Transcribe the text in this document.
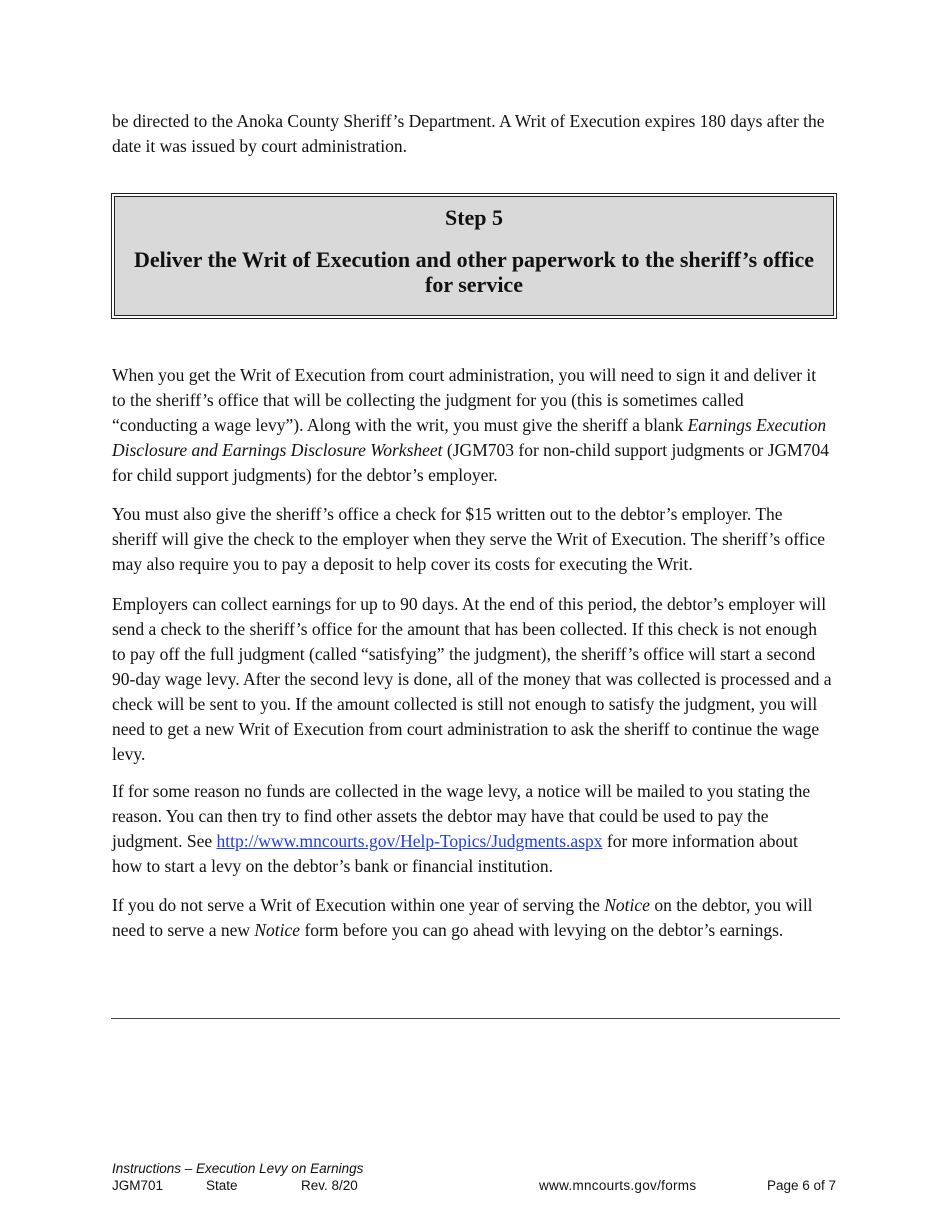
be directed to the Anoka County Sheriff’s Department. A Writ of Execution expires 180 days after the date it was issued by court administration.

Step 5
Deliver the Writ of Execution and other paperwork to the sheriff’s office for service

When you get the Writ of Execution from court administration, you will need to sign it and deliver it to the sheriff’s office that will be collecting the judgment for you (this is sometimes called “conducting a wage levy”). Along with the writ, you must give the sheriff a blank Earnings Execution Disclosure and Earnings Disclosure Worksheet (JGM703 for non-child support judgments or JGM704 for child support judgments) for the debtor’s employer.

You must also give the sheriff’s office a check for $15 written out to the debtor’s employer. The sheriff will give the check to the employer when they serve the Writ of Execution. The sheriff’s office may also require you to pay a deposit to help cover its costs for executing the Writ.

Employers can collect earnings for up to 90 days. At the end of this period, the debtor’s employer will send a check to the sheriff’s office for the amount that has been collected. If this check is not enough to pay off the full judgment (called “satisfying” the judgment), the sheriff’s office will start a second 90-day wage levy. After the second levy is done, all of the money that was collected is processed and a check will be sent to you. If the amount collected is still not enough to satisfy the judgment, you will need to get a new Writ of Execution from court administration to ask the sheriff to continue the wage levy.

If for some reason no funds are collected in the wage levy, a notice will be mailed to you stating the reason. You can then try to find other assets the debtor may have that could be used to pay the judgment. See http://www.mncourts.gov/Help-Topics/Judgments.aspx for more information about how to start a levy on the debtor’s bank or financial institution.

If you do not serve a Writ of Execution within one year of serving the Notice on the debtor, you will need to serve a new Notice form before you can go ahead with levying on the debtor’s earnings.

Instructions – Execution Levy on Earnings
JGM701	State	Rev. 8/20	www.mncourts.gov/forms	Page 6 of 7
